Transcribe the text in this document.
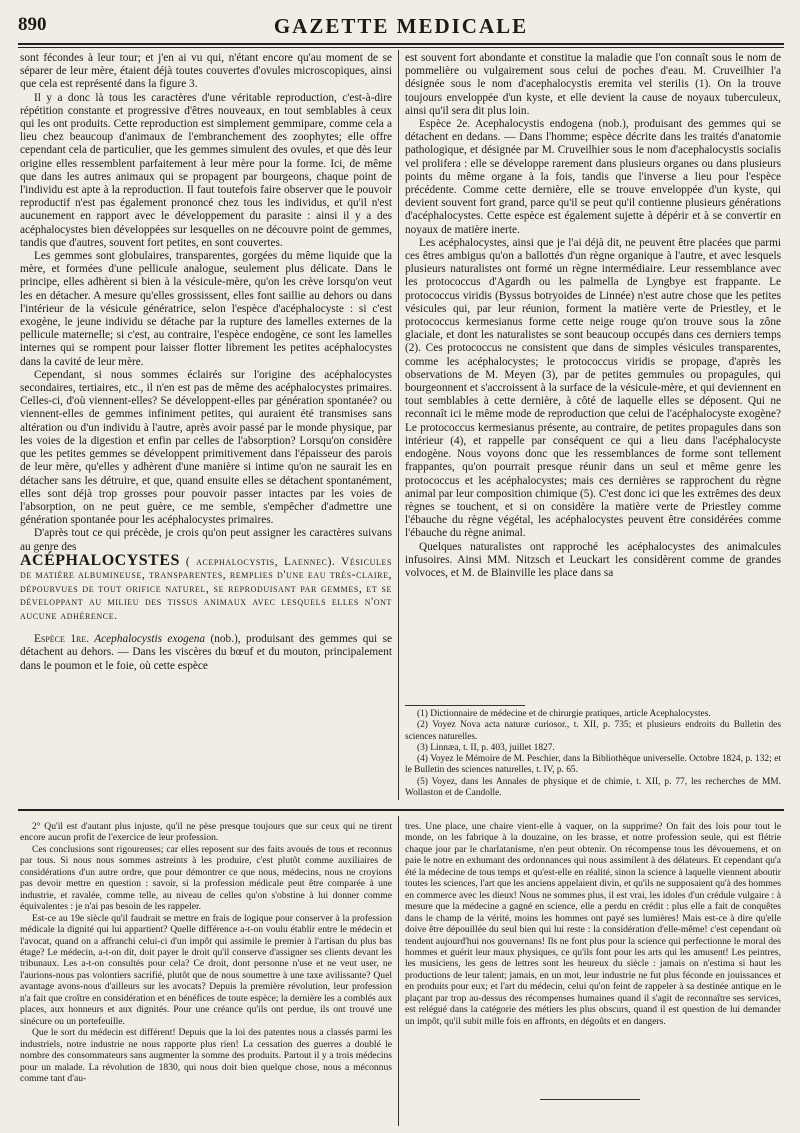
890	GAZETTE MEDICALE

sont fécondes à leur tour; et j'en ai vu qui, n'étant encore qu'au moment de se séparer de leur mère, étaient déjà toutes couvertes d'ovules microscopiques, ainsi que cela est représenté dans la figure 3.

Il y a donc là tous les caractères d'une véritable reproduction, c'est-à-dire répétition constante et progressive d'êtres nouveaux, en tout semblables à ceux qui les ont produits. Cette reproduction est simplement gemmipare, comme cela a lieu chez beaucoup d'animaux de l'embranchement des zoophytes; elle offre cependant cela de particulier, que les gemmes simulent des ovules, et que dès leur origine elles ressemblent parfaitement à leur mère pour la forme. Ici, de même que dans les autres animaux qui se propagent par bourgeons, chaque point de l'individu est apte à la reproduction. Il faut toutefois faire observer que le pouvoir reproductif n'est pas également prononcé chez tous les individus, et qu'il n'est aucunement en rapport avec le développement du parasite : ainsi il y a des acéphalocystes bien développées sur lesquelles on ne découvre point de gemmes, tandis que d'autres, souvent fort petites, en sont couvertes.

Les gemmes sont globulaires, transparentes, gorgées du même liquide que la mère, et formées d'une pellicule analogue, seulement plus délicate. Dans le principe, elles adhèrent si bien à la vésicule-mère, qu'on les crève lorsqu'on veut les en détacher. A mesure qu'elles grossissent, elles font saillie au dehors ou dans l'intérieur de la vésicule génératrice, selon l'espèce d'acéphalocyste : si c'est exogène, le jeune individu se détache par la rupture des lamelles externes de la pellicule maternelle; si c'est, au contraire, l'espèce endogène, ce sont les lamelles internes qui se rompent pour laisser flotter librement les petites acéphalocystes dans la cavité de leur mère.

Cependant, si nous sommes éclairés sur l'origine des acéphalocystes secondaires, tertiaires, etc., il n'en est pas de même des acéphalocystes primaires. Celles-ci, d'où viennent-elles? Se développent-elles par génération spontanée? ou viennent-elles de gemmes infiniment petites, qui auraient été transmises sans altération ou d'un individu à l'autre, après avoir passé par le monde physique, par les voies de la digestion et enfin par celles de l'absorption? Lorsqu'on considère que les petites gemmes se développent primitivement dans l'épaisseur des parois de leur mère, qu'elles y adhèrent d'une manière si intime qu'on ne saurait les en détacher sans les détruire, et que, quand ensuite elles se détachent spontanément, elles sont déjà trop grosses pour pouvoir passer intactes par les voies de l'absorption, on ne peut guère, ce me semble, s'empêcher d'admettre une génération spontanée pour les acéphalocystes primaires.

D'après tout ce qui précède, je crois qu'on peut assigner les caractères suivans au genre des

ACÉPHALOCYSTES ( acephalocystis, Laennec). Vésicules de matière albumineuse, transparentes, remplies d'une eau très-claire, dépourvues de tout orifice naturel, se reproduisant par gemmes, et se développant au milieu des tissus animaux avec lesquels elles n'ont aucune adhérence.

Espèce 1re. Acephalocystis exogena (nob.), produisant des gemmes qui se détachent au dehors. — Dans les viscères du bœuf et du mouton, principalement dans le poumon et le foie, où cette espèce

est souvent fort abondante et constitue la maladie que l'on connaît sous le nom de pommelière ou vulgairement sous celui de poches d'eau. M. Cruveilhier l'a désignée sous le nom d'acephalocystis eremita vel sterilis (1). On la trouve toujours enveloppée d'un kyste, et elle devient la cause de noyaux tuberculeux, ainsi qu'il sera dit plus loin.

Espèce 2e. Acephalocystis endogena (nob.), produisant des gemmes qui se détachent en dedans. — Dans l'homme; espèce décrite dans les traités d'anatomie pathologique, et désignée par M. Cruveilhier sous le nom d'acephalocystis socialis vel prolifera : elle se développe rarement dans plusieurs organes ou dans plusieurs points du même organe à la fois, tandis que l'inverse a lieu pour l'espèce précédente. Comme cette dernière, elle se trouve enveloppée d'un kyste, qui devient souvent fort grand, parce qu'il se peut qu'il contienne plusieurs générations d'acéphalocystes. Cette espèce est également sujette à dépérir et à se convertir en noyaux de matière inerte.

Les acéphalocystes, ainsi que je l'ai déjà dit, ne peuvent être placées que parmi ces êtres ambigus qu'on a ballottés d'un règne organique à l'autre, et avec lesquels plusieurs naturalistes ont formé un règne intermédiaire. Leur ressemblance avec les protococcus d'Agardh ou les palmella de Lyngbye est frappante. Le protococcus viridis (Byssus botryoides de Linnée) n'est autre chose que les petites vésicules qui, par leur réunion, forment la matière verte de Priestley, et le protococcus kermesianus forme cette neige rouge qu'on trouve sous la zône glaciale, et dont les naturalistes se sont beaucoup occupés dans ces derniers temps (2). Ces protococcus ne consistent que dans de simples vésicules transparentes, comme les acéphalocystes; le protococcus viridis se propage, d'après les observations de M. Meyen (3), par de petites gemmules ou propagules, qui bourgeonnent et s'accroissent à la surface de la vésicule-mère, et qui deviennent en tout semblables à cette dernière, à côté de laquelle elles se déposent. Qui ne reconnaît ici le même mode de reproduction que celui de l'acéphalocyste exogène? Le protococcus kermesianus présente, au contraire, de petites propagules dans son intérieur (4), et rappelle par conséquent ce qui a lieu dans l'acéphalocyste endogène. Nous voyons donc que les ressemblances de forme sont tellement frappantes, qu'on pourrait presque réunir dans un seul et même genre les protococcus et les acéphalocystes; mais ces dernières se rapprochent du règne animal par leur composition chimique (5). C'est donc ici que les extrêmes des deux règnes se touchent, et si on considère la matière verte de Priestley comme l'ébauche du règne végétal, les acéphalocystes peuvent être considérées comme l'ébauche du règne animal.

Quelques naturalistes ont rapproché les acéphalocystes des animalcules infusoires. Ainsi MM. Nitzsch et Leuckart les considèrent comme de grandes volvoces, et M. de Blainville les place dans sa

(1) Dictionnaire de médecine et de chirurgie pratiques, article Acephalocystes.

(2) Voyez Nova acta naturæ curiosor., t. XII, p. 735; et plusieurs endroits du Bulletin des sciences naturelles.

(3) Linnæa, t. II, p. 403, juillet 1827.

(4) Voyez le Mémoire de M. Peschier, dans la Bibliothèque universelle. Octobre 1824, p. 132; et le Bulletin des sciences naturelles, t. IV, p. 65.

(5) Voyez, dans les Annales de physique et de chimie, t. XII, p. 77, les recherches de MM. Wollaston et de Candolle.

2° Qu'il est d'autant plus injuste, qu'il ne pèse presque toujours que sur ceux qui ne tirent encore aucun profit de l'exercice de leur profession.

Ces conclusions sont rigoureuses; car elles reposent sur des faits avoués de tous et reconnus par tous. Si nous nous sommes astreints à les produire, c'est plutôt comme auxiliaires de considérations d'un autre ordre, que pour démontrer ce que nous, médecins, nous ne croyions pas devoir mettre en question : savoir, si la profession médicale peut être comparée à une industrie, et ravalée, comme telle, au niveau de celles qu'on s'obstine à lui donner comme équivalentes : je n'ai pas besoin de les rappeler.

Est-ce au 19e siècle qu'il faudrait se mettre en frais de logique pour conserver à la profession médicale la dignité qui lui appartient? Quelle différence a-t-on voulu établir entre le médecin et l'avocat, quand on a affranchi celui-ci d'un impôt qui assimile le premier à l'artisan du plus bas étage? Le médecin, a-t-on dit, doit payer le droit qu'il conserve d'assigner ses clients devant les tribunaux. Les a-t-on consultés pour cela? Ce droit, dont personne n'use et ne veut user, ne l'aurions-nous pas volontiers sacrifié, plutôt que de nous soumettre à une taxe avilissante? Quel avantage avons-nous d'ailleurs sur les avocats? Depuis la première révolution, leur profession n'a fait que croître en considération et en bénéfices de toute espèce; la dernière les a comblés aux places, aux honneurs et aux dignités. Pour une créance qu'ils ont perdue, ils ont trouvé une sinécure ou un portefeuille.

Que le sort du médecin est différent! Depuis que la loi des patentes nous a classés parmi les industriels, notre industrie ne nous rapporte plus rien! La cessation des guerres a doublé le nombre des consommateurs sans augmenter la somme des produits. Partout il y a trois médecins pour un malade. La révolution de 1830, qui nous doit bien quelque chose, nous a méconnus comme tant d'au-

tres. Une place, une chaire vient-elle à vaquer, on la supprime? On fait des lois pour tout le monde, on les fabrique à la douzaine, on les brasse, et notre profession seule, qui est flétrie chaque jour par le charlatanisme, n'en peut obtenir. On récompense tous les dévouemens, et on paie le notre en exhumant des ordonnances qui nous assimilent à des délateurs. Et cependant qu'a été la médecine de tous temps et qu'est-elle en réalité, sinon la science à laquelle viennent aboutir toutes les sciences, l'art que les anciens appelaient divin, et qu'ils ne supposaient qu'à des hommes en commerce avec les dieux! Nous ne sommes plus, il est vrai, les idoles d'un crédule vulgaire : à mesure que la médecine a gagné en science, elle a perdu en crédit : plus elle a fait de conquêtes dans le champ de la vérité, moins les hommes ont payé ses lumières! Mais est-ce à dire qu'elle doive être dépouillée du seul bien qui lui reste : la considération d'elle-même! c'est cependant où tendent aujourd'hui nos gouvernans! Ils ne font plus pour la science qui perfectionne le moral des hommes et guérit leur maux physiques, ce qu'ils font pour les arts qui les amusent! Les peintres, les musiciens, les gens de lettres sont les heureux du siècle : jamais on n'estima si haut les productions de leur talent; jamais, en un mot, leur industrie ne fut plus féconde en jouissances et en produits pour eux; et l'art du médecin, celui qu'on feint de rappeler à sa destinée antique en le plaçant par trop au-dessus des récompenses humaines quand il s'agit de reconnaître ses services, est relégué dans la catégorie des métiers les plus obscurs, quand il est question de lui demander un impôt, qu'il subit mille fois en affronts, en dégoûts et en dangers.
